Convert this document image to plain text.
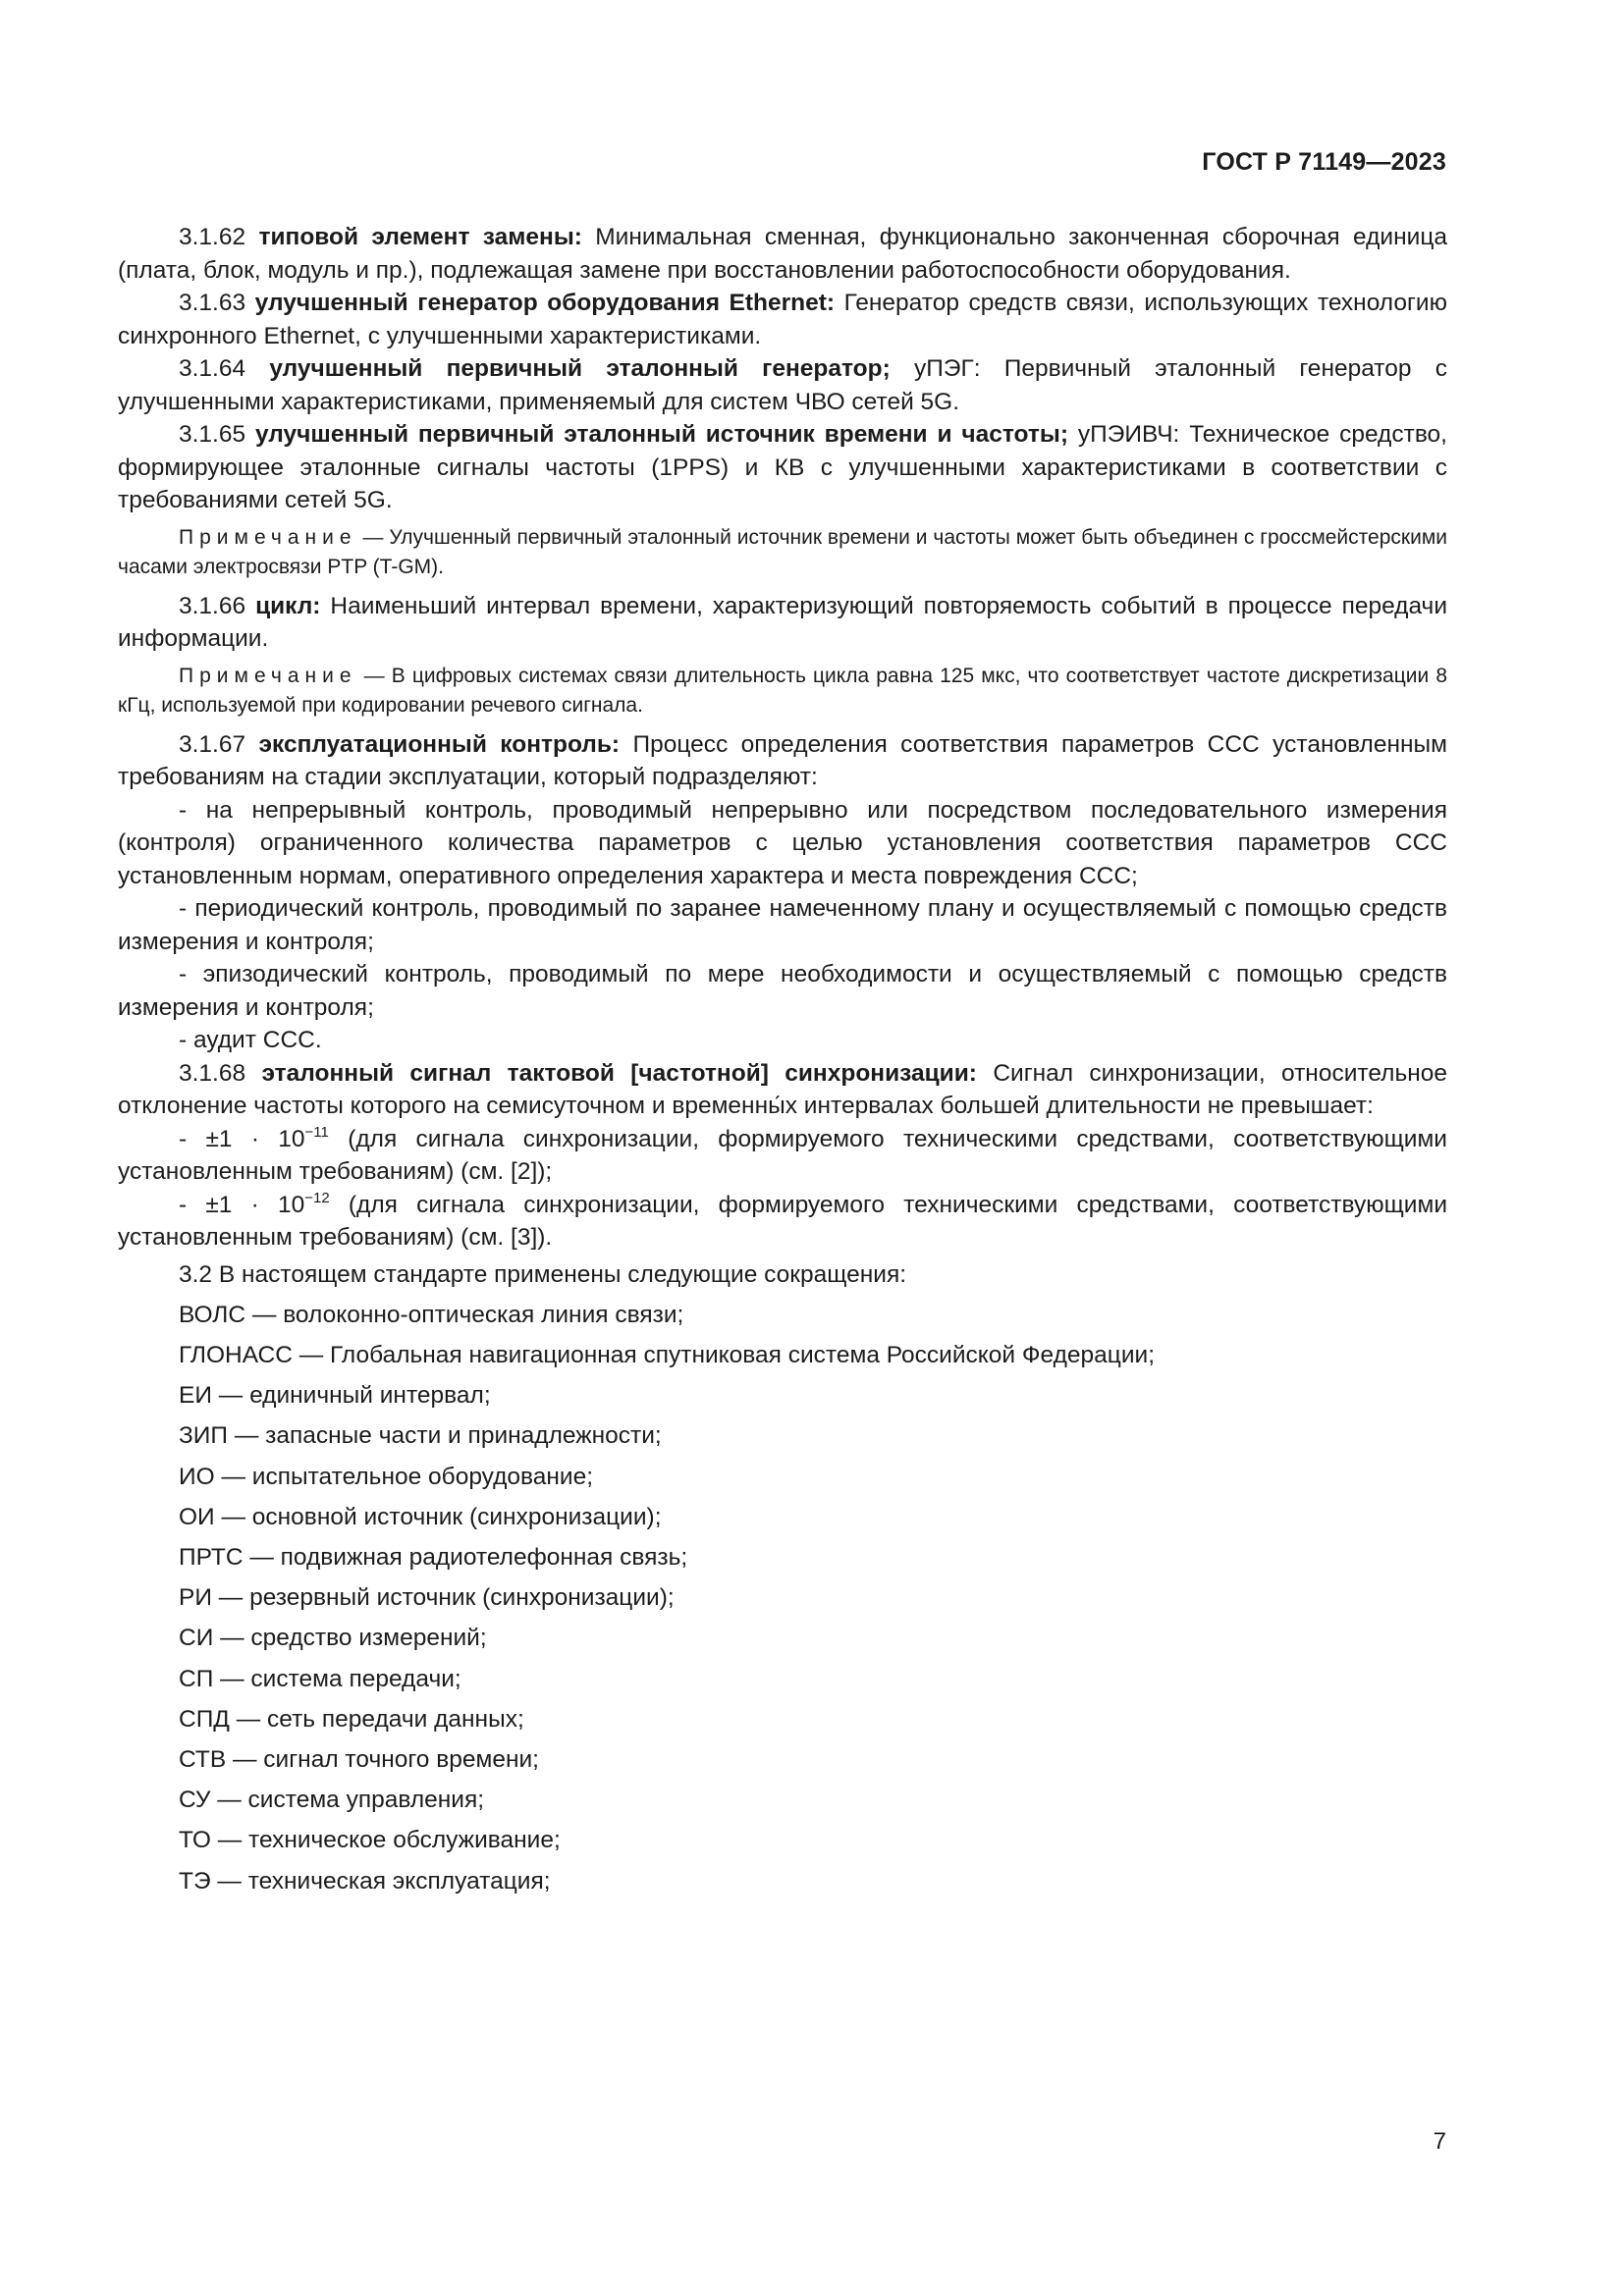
ГОСТ Р 71149—2023

3.1.62 типовой элемент замены: Минимальная сменная, функционально законченная сборочная единица (плата, блок, модуль и пр.), подлежащая замене при восстановлении работоспособности оборудования.

3.1.63 улучшенный генератор оборудования Ethernet: Генератор средств связи, использующих технологию синхронного Ethernet, с улучшенными характеристиками.

3.1.64 улучшенный первичный эталонный генератор; уПЭГ: Первичный эталонный генератор с улучшенными характеристиками, применяемый для систем ЧВО сетей 5G.

3.1.65 улучшенный первичный эталонный источник времени и частоты; уПЭИВЧ: Техническое средство, формирующее эталонные сигналы частоты (1PPS) и КВ с улучшенными характеристиками в соответствии с требованиями сетей 5G.

Примечание — Улучшенный первичный эталонный источник времени и частоты может быть объединен с гроссмейстерскими часами электросвязи PTP (T-GM).

3.1.66 цикл: Наименьший интервал времени, характеризующий повторяемость событий в процессе передачи информации.

Примечание — В цифровых системах связи длительность цикла равна 125 мкс, что соответствует частоте дискретизации 8 кГц, используемой при кодировании речевого сигнала.

3.1.67 эксплуатационный контроль: Процесс определения соответствия параметров ССС установленным требованиям на стадии эксплуатации, который подразделяют:

- на непрерывный контроль, проводимый непрерывно или посредством последовательного измерения (контроля) ограниченного количества параметров с целью установления соответствия параметров ССС установленным нормам, оперативного определения характера и места повреждения ССС;

- периодический контроль, проводимый по заранее намеченному плану и осуществляемый с помощью средств измерения и контроля;

- эпизодический контроль, проводимый по мере необходимости и осуществляемый с помощью средств измерения и контроля;

- аудит ССС.

3.1.68 эталонный сигнал тактовой [частотной] синхронизации: Сигнал синхронизации, относительное отклонение частоты которого на семисуточном и временны́х интервалах большей длительности не превышает:

- $\pm 1 \cdot 10^{-11}$ (для сигнала синхронизации, формируемого техническими средствами, соответствующими установленным требованиям) (см. [2]);

- $\pm 1 \cdot 10^{-12}$ (для сигнала синхронизации, формируемого техническими средствами, соответствующими установленным требованиям) (см. [3]).

3.2 В настоящем стандарте применены следующие сокращения:

ВОЛС — волоконно-оптическая линия связи;

ГЛОНАСС — Глобальная навигационная спутниковая система Российской Федерации;

ЕИ — единичный интервал;

ЗИП — запасные части и принадлежности;

ИО — испытательное оборудование;

ОИ — основной источник (синхронизации);

ПРТС — подвижная радиотелефонная связь;

РИ — резервный источник (синхронизации);

СИ — средство измерений;

СП — система передачи;

СПД — сеть передачи данных;

СТВ — сигнал точного времени;

СУ — система управления;

ТО — техническое обслуживание;

ТЭ — техническая эксплуатация;

7
